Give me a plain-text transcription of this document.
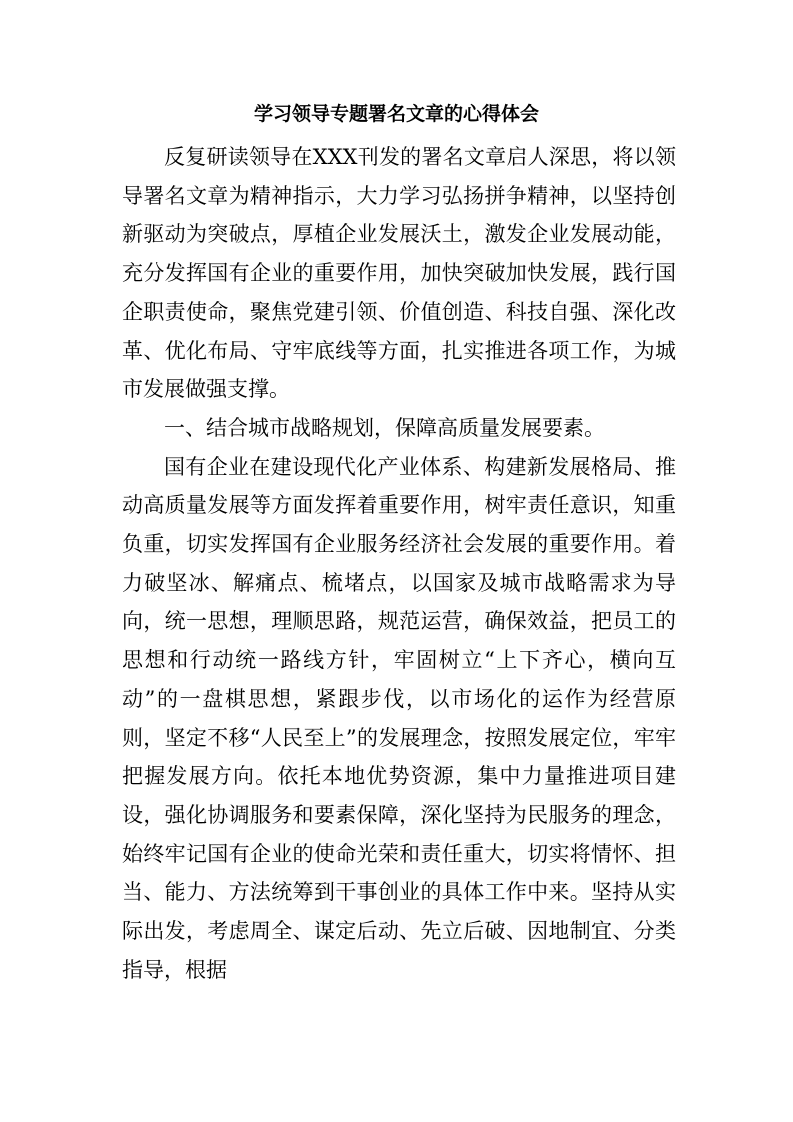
学习领导专题署名文章的心得体会

反复研读领导在XXX刊发的署名文章启人深思，将以领导署名文章为精神指示，大力学习弘扬拼争精神，以坚持创新驱动为突破点，厚植企业发展沃土，激发企业发展动能，充分发挥国有企业的重要作用，加快突破加快发展，践行国企职责使命，聚焦党建引领、价值创造、科技自强、深化改革、优化布局、守牢底线等方面，扎实推进各项工作，为城市发展做强支撑。

一、结合城市战略规划，保障高质量发展要素。

国有企业在建设现代化产业体系、构建新发展格局、推动高质量发展等方面发挥着重要作用，树牢责任意识，知重负重，切实发挥国有企业服务经济社会发展的重要作用。着力破坚冰、解痛点、梳堵点，以国家及城市战略需求为导向，统一思想，理顺思路，规范运营，确保效益，把员工的思想和行动统一路线方针，牢固树立“上下齐心，横向互动”的一盘棋思想，紧跟步伐，以市场化的运作为经营原则，坚定不移“人民至上”的发展理念，按照发展定位，牢牢把握发展方向。依托本地优势资源，集中力量推进项目建设，强化协调服务和要素保障，深化坚持为民服务的理念，始终牢记国有企业的使命光荣和责任重大，切实将情怀、担当、能力、方法统筹到干事创业的具体工作中来。坚持从实际出发，考虑周全、谋定后动、先立后破、因地制宜、分类指导，根据
